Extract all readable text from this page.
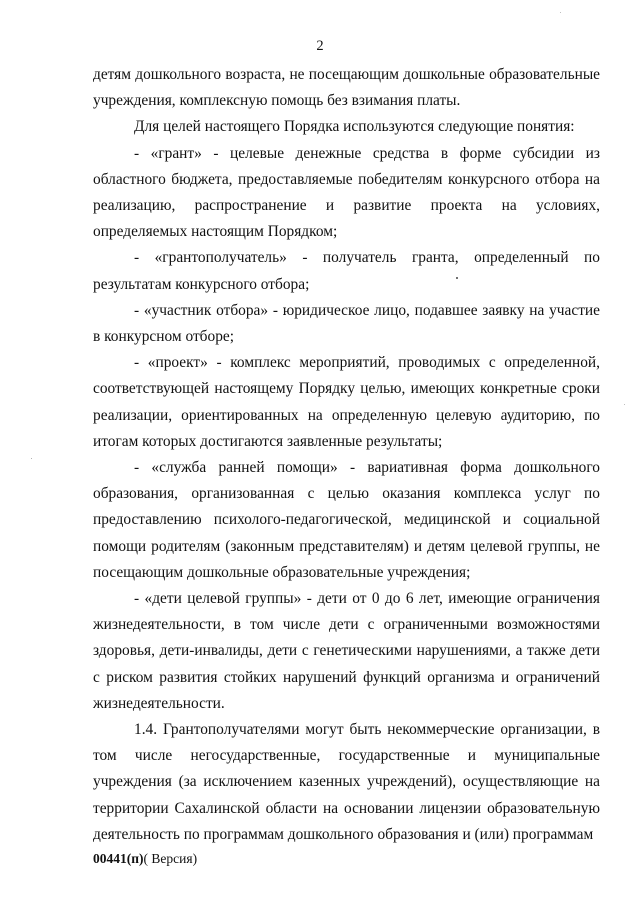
2

детям дошкольного возраста, не посещающим дошкольные образовательные учреждения, комплексную помощь без взимания платы.

Для целей настоящего Порядка используются следующие понятия:

- «грант» - целевые денежные средства в форме субсидии из областного бюджета, предоставляемые победителям конкурсного отбора на реализацию, распространение и развитие проекта на условиях, определяемых настоящим Порядком;

- «грантополучатель» - получатель гранта, определенный по результатам конкурсного отбора;

- «участник отбора» - юридическое лицо, подавшее заявку на участие в конкурсном отборе;

- «проект» - комплекс мероприятий, проводимых с определенной, соответствующей настоящему Порядку целью, имеющих конкретные сроки реализации, ориентированных на определенную целевую аудиторию, по итогам которых достигаются заявленные результаты;

- «служба ранней помощи» - вариативная форма дошкольного образования, организованная с целью оказания комплекса услуг по предоставлению психолого-педагогической, медицинской и социальной помощи родителям (законным представителям) и детям целевой группы, не посещающим дошкольные образовательные учреждения;

- «дети целевой группы» - дети от 0 до 6 лет, имеющие ограничения жизнедеятельности, в том числе дети с ограниченными возможностями здоровья, дети-инвалиды, дети с генетическими нарушениями, а также дети с риском развития стойких нарушений функций организма и ограничений жизнедеятельности.

1.4. Грантополучателями могут быть некоммерческие организации, в том числе негосударственные, государственные и муниципальные учреждения (за исключением казенных учреждений), осуществляющие на территории Сахалинской области на основании лицензии образовательную деятельность по программам дошкольного образования и (или) программам

00441(п)( Версия)
